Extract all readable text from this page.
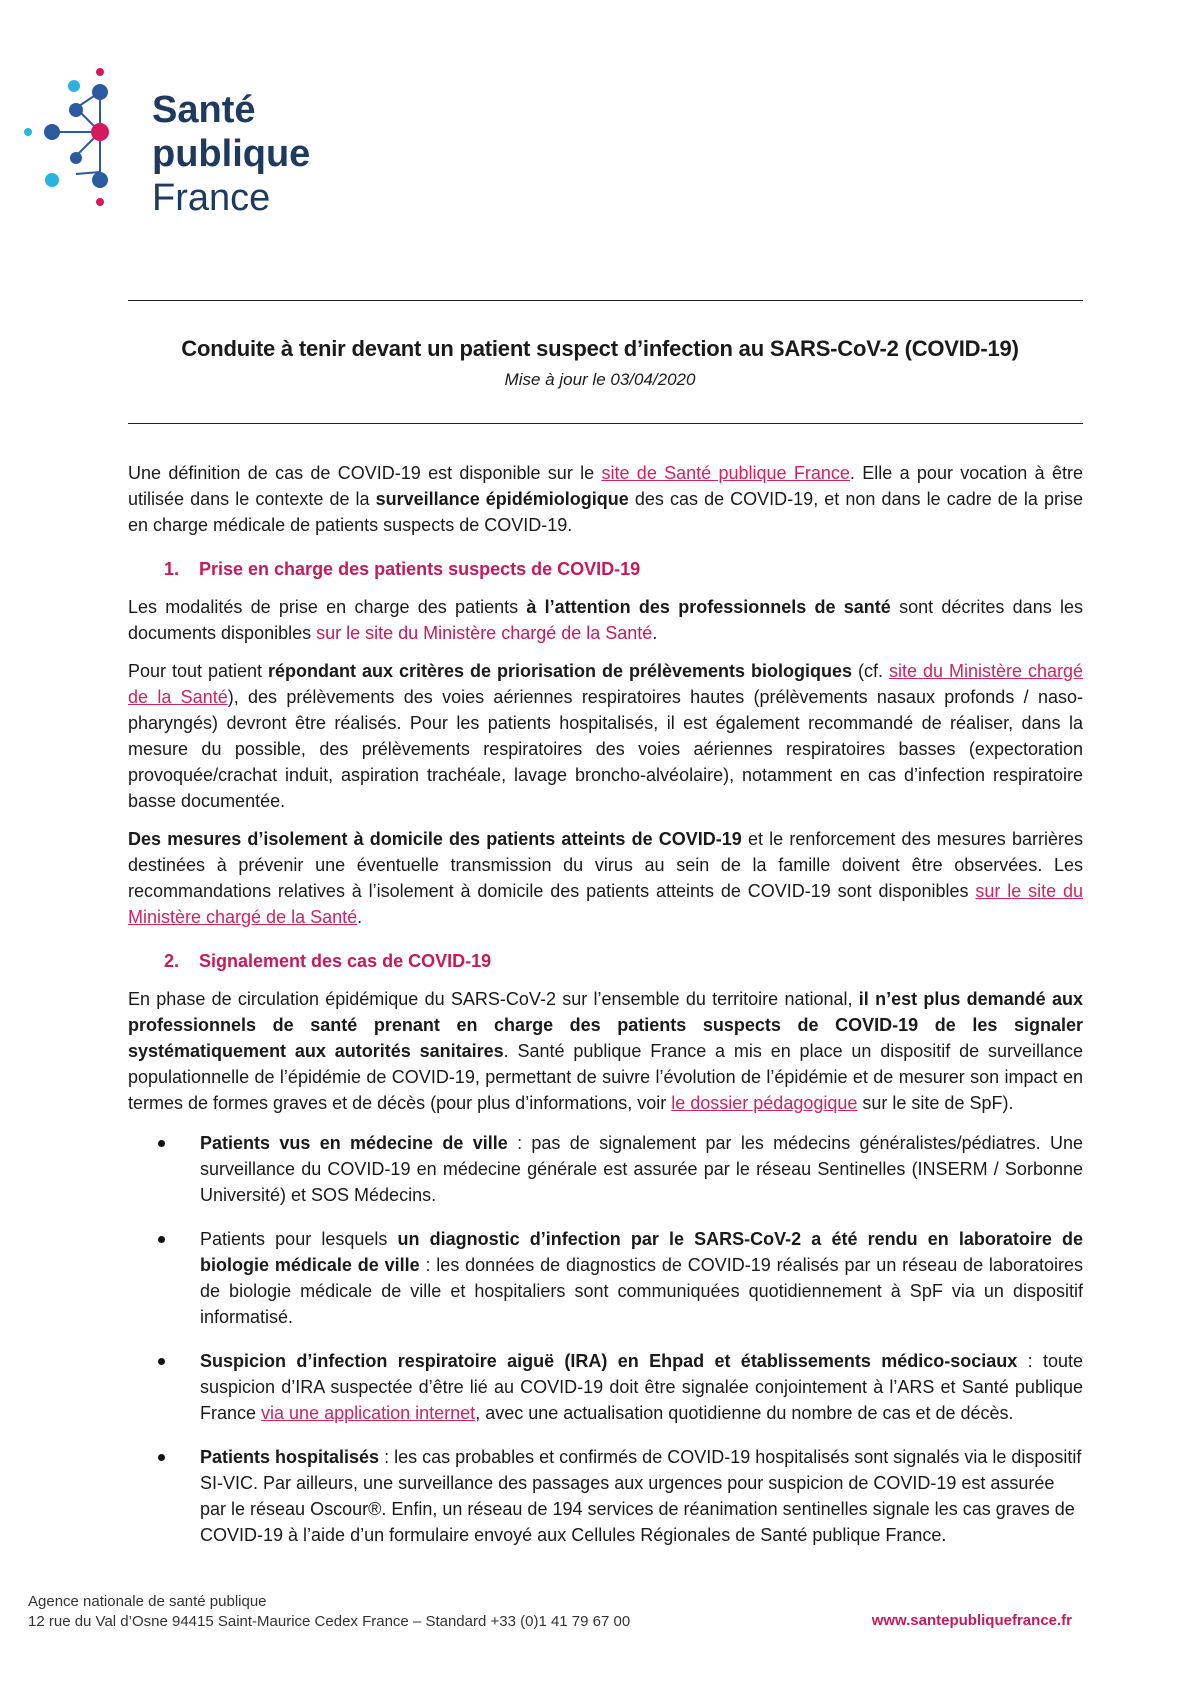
Santé
publique
France
Conduite à tenir devant un patient suspect d’infection au SARS-CoV-2 (COVID-19)
Mise à jour le 03/04/2020

Une définition de cas de COVID-19 est disponible sur le site de Santé publique France. Elle a pour vocation à être utilisée dans le contexte de la surveillance épidémiologique des cas de COVID-19, et non dans le cadre de la prise en charge médicale de patients suspects de COVID-19.

1. Prise en charge des patients suspects de COVID-19

Les modalités de prise en charge des patients à l’attention des professionnels de santé sont décrites dans les documents disponibles sur le site du Ministère chargé de la Santé.

Pour tout patient répondant aux critères de priorisation de prélèvements biologiques (cf. site du Ministère chargé de la Santé), des prélèvements des voies aériennes respiratoires hautes (prélèvements nasaux profonds / naso-pharyngés) devront être réalisés. Pour les patients hospitalisés, il est également recommandé de réaliser, dans la mesure du possible, des prélèvements respiratoires des voies aériennes respiratoires basses (expectoration provoquée/crachat induit, aspiration trachéale, lavage broncho-alvéolaire), notamment en cas d’infection respiratoire basse documentée.

Des mesures d’isolement à domicile des patients atteints de COVID-19 et le renforcement des mesures barrières destinées à prévenir une éventuelle transmission du virus au sein de la famille doivent être observées. Les recommandations relatives à l’isolement à domicile des patients atteints de COVID-19 sont disponibles sur le site du Ministère chargé de la Santé.

2. Signalement des cas de COVID-19

En phase de circulation épidémique du SARS-CoV-2 sur l’ensemble du territoire national, il n’est plus demandé aux professionnels de santé prenant en charge des patients suspects de COVID-19 de les signaler systématiquement aux autorités sanitaires. Santé publique France a mis en place un dispositif de surveillance populationnelle de l’épidémie de COVID-19, permettant de suivre l’évolution de l’épidémie et de mesurer son impact en termes de formes graves et de décès (pour plus d’informations, voir le dossier pédagogique sur le site de SpF).

Patients vus en médecine de ville : pas de signalement par les médecins généralistes/pédiatres. Une surveillance du COVID-19 en médecine générale est assurée par le réseau Sentinelles (INSERM / Sorbonne Université) et SOS Médecins.
Patients pour lesquels un diagnostic d’infection par le SARS-CoV-2 a été rendu en laboratoire de biologie médicale de ville : les données de diagnostics de COVID-19 réalisés par un réseau de laboratoires de biologie médicale de ville et hospitaliers sont communiquées quotidiennement à SpF via un dispositif informatisé.
Suspicion d’infection respiratoire aiguë (IRA) en Ehpad et établissements médico-sociaux : toute suspicion d’IRA suspectée d’être lié au COVID-19 doit être signalée conjointement à l’ARS et Santé publique France via une application internet, avec une actualisation quotidienne du nombre de cas et de décès.
Patients hospitalisés : les cas probables et confirmés de COVID-19 hospitalisés sont signalés via le dispositif SI-VIC. Par ailleurs, une surveillance des passages aux urgences pour suspicion de COVID-19 est assurée par le réseau Oscour®. Enfin, un réseau de 194 services de réanimation sentinelles signale les cas graves de COVID-19 à l’aide d’un formulaire envoyé aux Cellules Régionales de Santé publique France.
Agence nationale de santé publique
12 rue du Val d’Osne 94415 Saint-Maurice Cedex France – Standard +33 (0)1 41 79 67 00	www.santepubliquefrance.fr
